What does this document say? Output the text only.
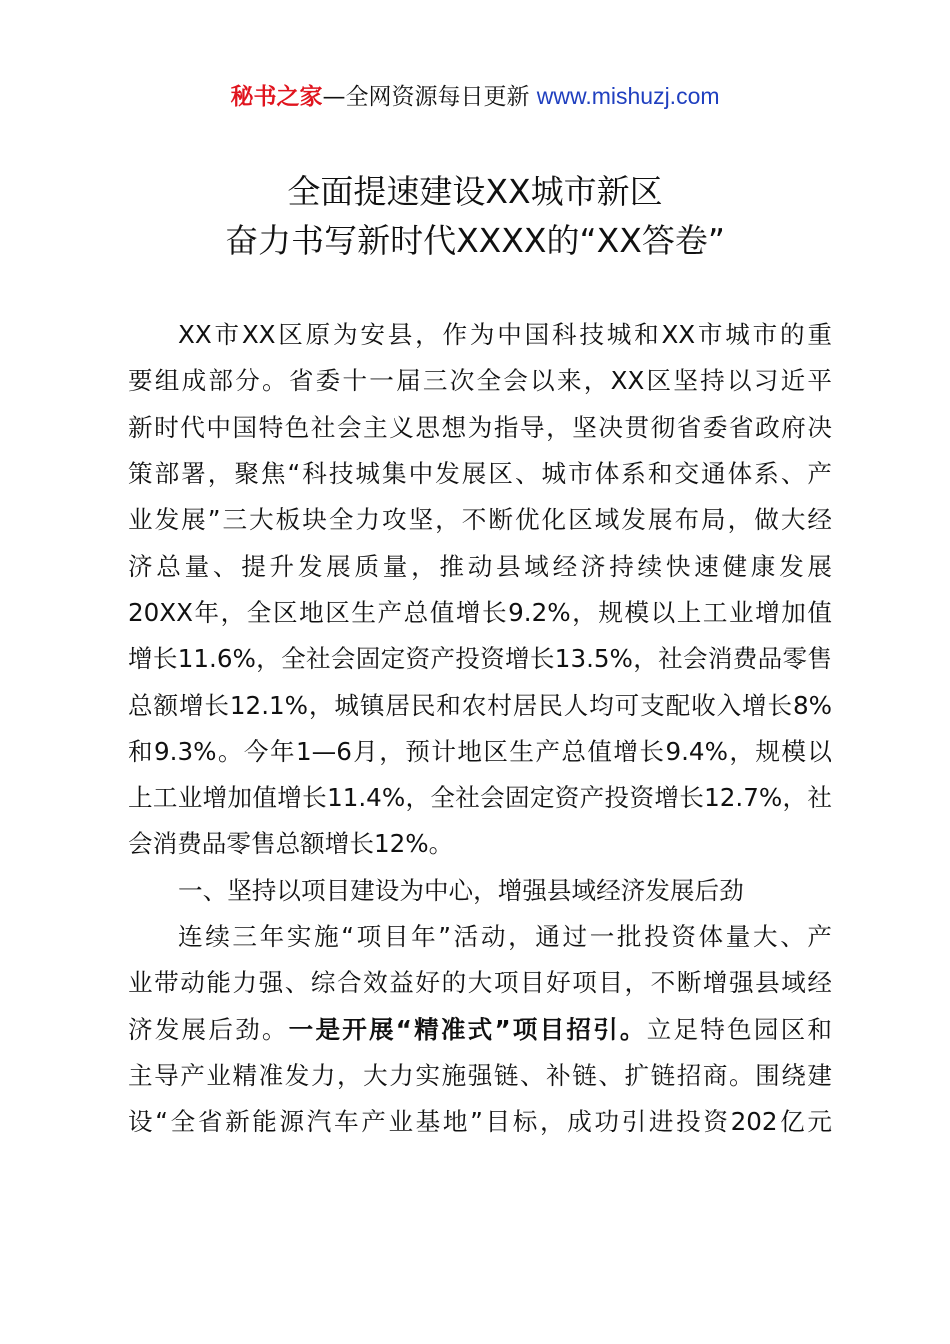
秘书之家—全网资源每日更新 www.mishuzj.com
全面提速建设XX城市新区
奋力书写新时代XXXX的“XX答卷”
XX市XX区原为安县，作为中国科技城和XX市城市的重
要组成部分。省委十一届三次全会以来，XX区坚持以习近平
新时代中国特色社会主义思想为指导，坚决贯彻省委省政府决
策部署，聚焦“科技城集中发展区、城市体系和交通体系、产
业发展”三大板块全力攻坚，不断优化区域发展布局，做大经
济总量、提升发展质量，推动县域经济持续快速健康发展
20XX年，全区地区生产总值增长9.2%，规模以上工业增加值
增长11.6%，全社会固定资产投资增长13.5%，社会消费品零售
总额增长12.1%，城镇居民和农村居民人均可支配收入增长8%
和9.3%。今年1—6月，预计地区生产总值增长9.4%，规模以
上工业增加值增长11.4%，全社会固定资产投资增长12.7%，社
会消费品零售总额增长12%。
一、坚持以项目建设为中心，增强县域经济发展后劲
连续三年实施“项目年”活动，通过一批投资体量大、产
业带动能力强、综合效益好的大项目好项目，不断增强县域经
济发展后劲。一是开展“精准式”项目招引。立足特色园区和
主导产业精准发力，大力实施强链、补链、扩链招商。围绕建
设“全省新能源汽车产业基地”目标，成功引进投资202亿元
